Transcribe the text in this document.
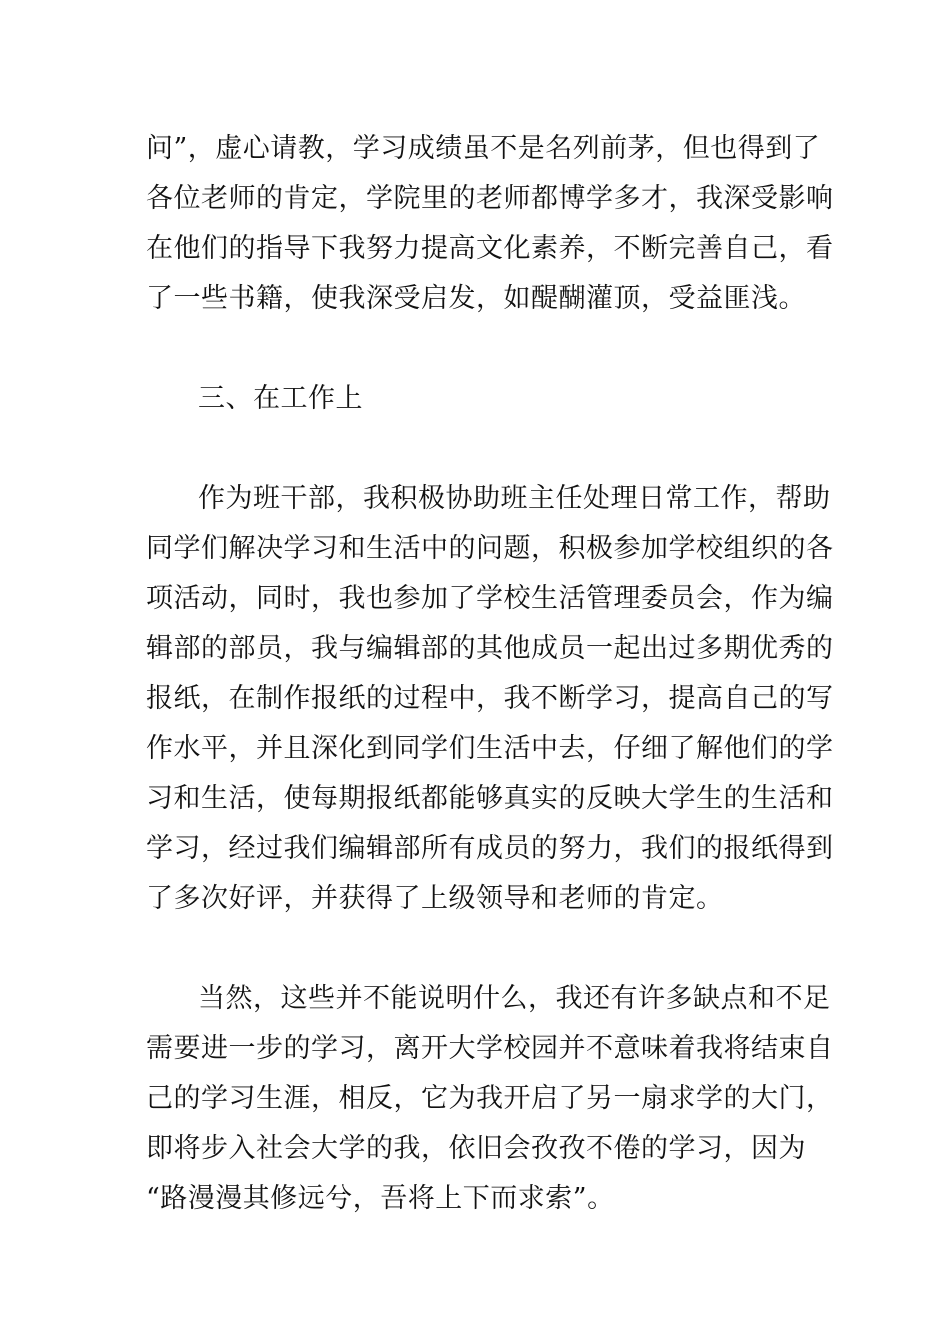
问”，虚心请教，学习成绩虽不是名列前茅，但也得到了

各位老师的肯定，学院里的老师都博学多才，我深受影响

在他们的指导下我努力提高文化素养，不断完善自己，看

了一些书籍，使我深受启发，如醍醐灌顶，受益匪浅。

三、在工作上

作为班干部，我积极协助班主任处理日常工作，帮助

同学们解决学习和生活中的问题，积极参加学校组织的各

项活动，同时，我也参加了学校生活管理委员会，作为编

辑部的部员，我与编辑部的其他成员一起出过多期优秀的

报纸，在制作报纸的过程中，我不断学习，提高自己的写

作水平，并且深化到同学们生活中去，仔细了解他们的学

习和生活，使每期报纸都能够真实的反映大学生的生活和

学习，经过我们编辑部所有成员的努力，我们的报纸得到

了多次好评，并获得了上级领导和老师的肯定。

当然，这些并不能说明什么，我还有许多缺点和不足

需要进一步的学习，离开大学校园并不意味着我将结束自

己的学习生涯，相反，它为我开启了另一扇求学的大门，

即将步入社会大学的我，依旧会孜孜不倦的学习，因为

“路漫漫其修远兮，吾将上下而求索”。
